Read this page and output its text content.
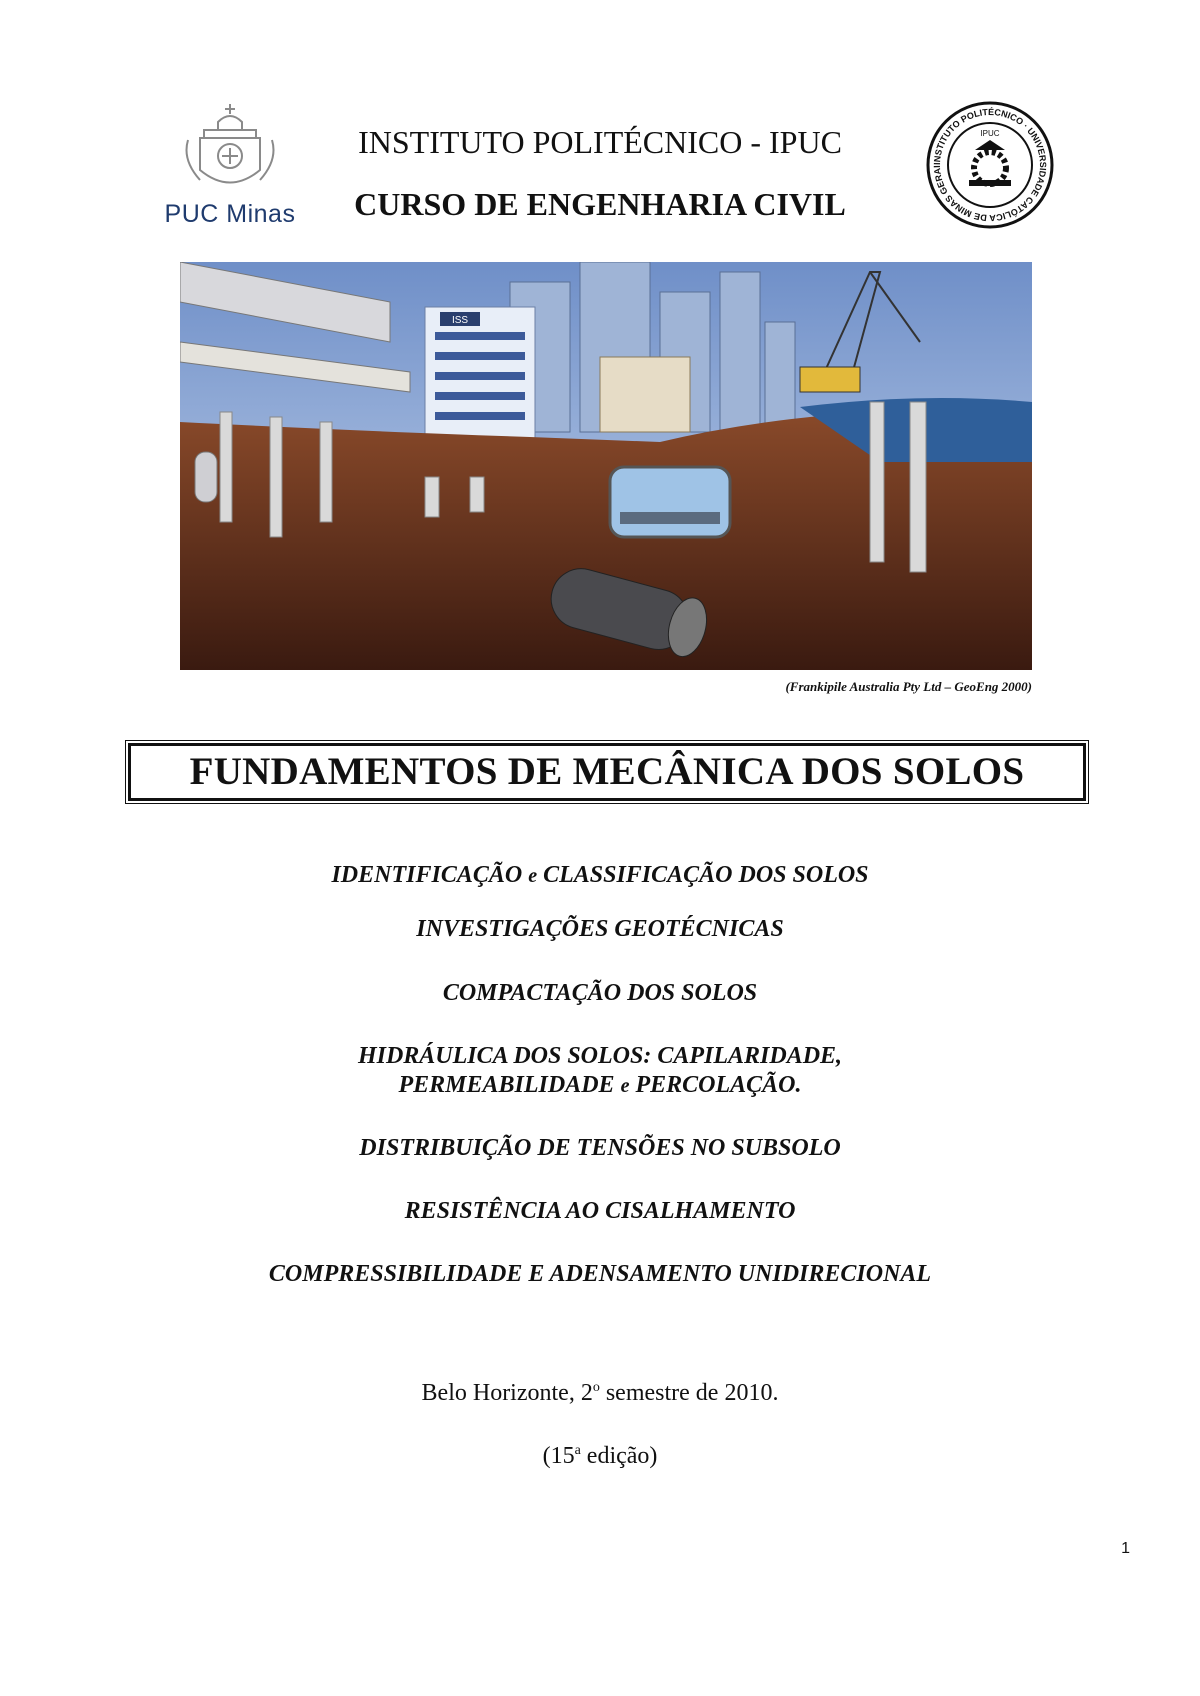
PUC Minas
INSTITUTO POLITÉCNICO - IPUC
CURSO DE ENGENHARIA CIVIL
INSTITUTO POLITÉCNICO · UNIVERSIDADE CATÓLICA DE MINAS GERAI
IPUC
ISS
(Frankipile Australia Pty Ltd – GeoEng 2000)
FUNDAMENTOS DE MECÂNICA DOS SOLOS
IDENTIFICAÇÃO e CLASSIFICAÇÃO DOS SOLOS
INVESTIGAÇÕES GEOTÉCNICAS
COMPACTAÇÃO DOS SOLOS
HIDRÁULICA DOS SOLOS: CAPILARIDADE,
PERMEABILIDADE e PERCOLAÇÃO.
DISTRIBUIÇÃO DE TENSÕES NO SUBSOLO
RESISTÊNCIA AO CISALHAMENTO
COMPRESSIBILIDADE E ADENSAMENTO UNIDIRECIONAL
Belo Horizonte, 2$^o$ semestre de 2010.
(15$^a$ edição)
1
